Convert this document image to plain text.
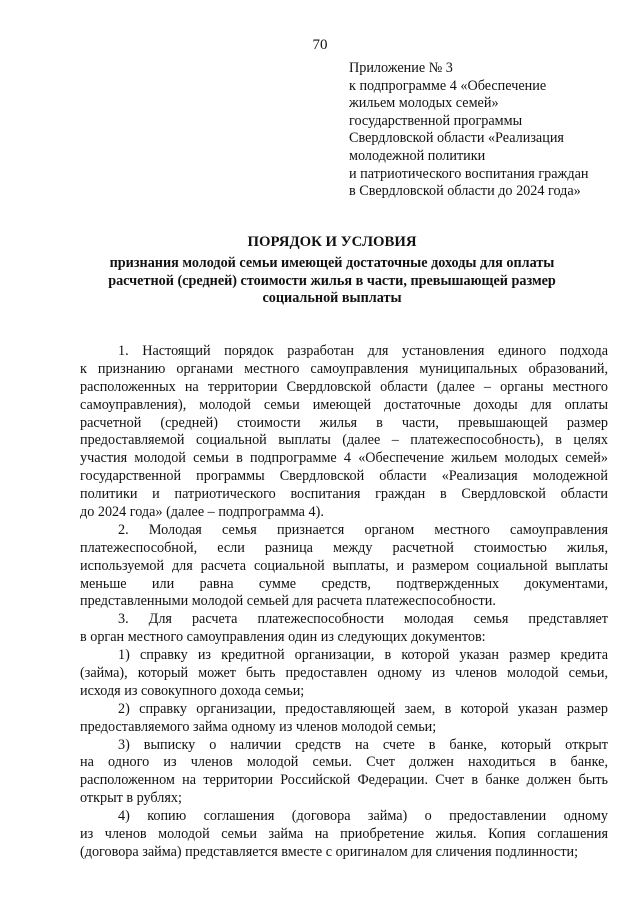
70
Приложение № 3
к подпрограмме 4 «Обеспечение
жильем молодых семей»
государственной программы
Свердловской области «Реализация
молодежной политики
и патриотического воспитания граждан
в Свердловской области до 2024 года»
ПОРЯДОК И УСЛОВИЯ
признания молодой семьи имеющей достаточные доходы для оплаты
расчетной (средней) стоимости жилья в части, превышающей размер
социальной выплаты
1. Настоящий порядок разработан для установления единого подхода
к признанию органами местного самоуправления муниципальных образований,
расположенных на территории Свердловской области (далее – органы местного
самоуправления), молодой семьи имеющей достаточные доходы для оплаты
расчетной (средней) стоимости жилья в части, превышающей размер
предоставляемой социальной выплаты (далее – платежеспособность), в целях
участия молодой семьи в подпрограмме 4 «Обеспечение жильем молодых семей»
государственной программы Свердловской области «Реализация молодежной
политики и патриотического воспитания граждан в Свердловской области
до 2024 года» (далее – подпрограмма 4).
2. Молодая семья признается органом местного самоуправления
платежеспособной, если разница между расчетной стоимостью жилья,
используемой для расчета социальной выплаты, и размером социальной выплаты
меньше или равна сумме средств, подтвержденных документами,
представленными молодой семьей для расчета платежеспособности.
3. Для расчета платежеспособности молодая семья представляет
в орган местного самоуправления один из следующих документов:
1) справку из кредитной организации, в которой указан размер кредита
(займа), который может быть предоставлен одному из членов молодой семьи,
исходя из совокупного дохода семьи;
2) справку организации, предоставляющей заем, в которой указан размер
предоставляемого займа одному из членов молодой семьи;
3) выписку о наличии средств на счете в банке, который открыт
на одного из членов молодой семьи. Счет должен находиться в банке,
расположенном на территории Российской Федерации. Счет в банке должен быть
открыт в рублях;
4) копию соглашения (договора займа) о предоставлении одному
из членов молодой семьи займа на приобретение жилья. Копия соглашения
(договора займа) представляется вместе с оригиналом для сличения подлинности;
